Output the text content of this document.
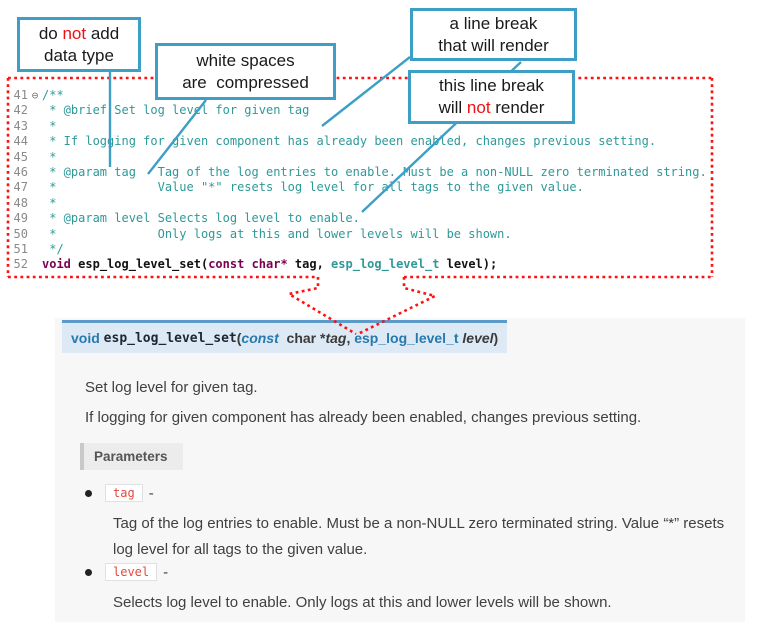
41 ⊖ /**
42 * @brief Set log level for given tag
43 *
44 * If logging for given component has already been enabled, changes previous setting.
45 *
46 * @param tag   Tag of the log entries to enable. Must be a non-NULL zero terminated string.
47 *              Value "*" resets log level for all tags to the given value.
48 *
49 * @param level Selects log level to enable.
50 *              Only logs at this and lower levels will be shown.
51 */
52 void esp_log_level_set(const char* tag, esp_log_level_t level);
do not add
data type	white spaces
are  compressed
a line break
that will render
this line break
will not render
void esp_log_level_set ( const char * tag , esp_log_level_t
level )
Set log level for given tag.
If logging for given component has already been enabled, changes previous setting.
Parameters
tag -
Tag of the log entries to enable. Must be a non-NULL zero terminated string. Value “*” resets log level for all tags to the given value.
level -
Selects log level to enable. Only logs at this and lower levels will be shown.
